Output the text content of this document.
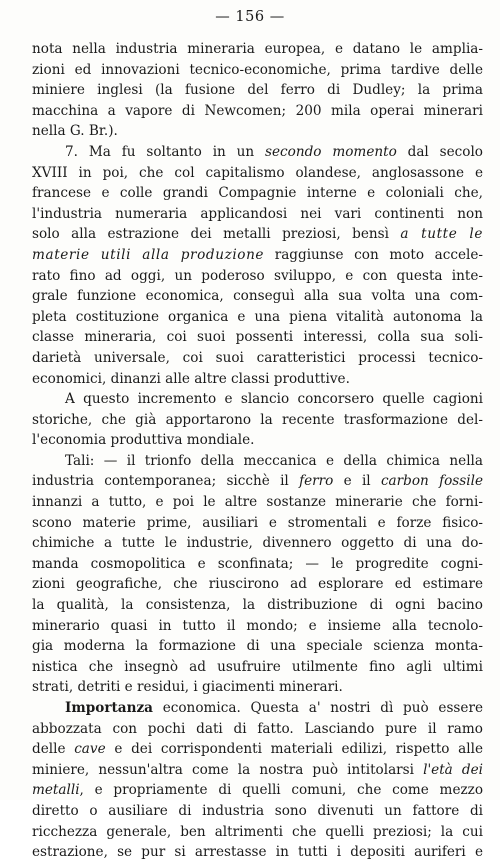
— 156 —
nota nella industria mineraria europea, e datano le amplia-
zioni ed innovazioni tecnico-economiche, prima tardive delle
miniere inglesi (la fusione del ferro di Dudley; la prima
macchina a vapore di Newcomen; 200 mila operai minerari
nella G. Br.).
7. Ma fu soltanto in un secondo momento dal secolo
XVIII in poi, che col capitalismo olandese, anglosassone e
francese e colle grandi Compagnie interne e coloniali che,
l'industria numeraria applicandosi nei vari continenti non
solo alla estrazione dei metalli preziosi, bensì a tutte le
materie utili alla produzione raggiunse con moto accele-
rato fino ad oggi, un poderoso sviluppo, e con questa inte-
grale funzione economica, conseguì alla sua volta una com-
pleta costituzione organica e una piena vitalità autonoma la
classe mineraria, coi suoi possenti interessi, colla sua soli-
darietà universale, coi suoi caratteristici processi tecnico-
economici, dinanzi alle altre classi produttive.
A questo incremento e slancio concorsero quelle cagioni
storiche, che già apportarono la recente trasformazione del-
l'economia produttiva mondiale.
Tali: — il trionfo della meccanica e della chimica nella
industria contemporanea; sicchè il ferro e il carbon fossile
innanzi a tutto, e poi le altre sostanze minerarie che forni-
scono materie prime, ausiliari e stromentali e forze fisico-
chimiche a tutte le industrie, divennero oggetto di una do-
manda cosmopolitica e sconfinata; — le progredite cogni-
zioni geografiche, che riuscirono ad esplorare ed estimare
la qualità, la consistenza, la distribuzione di ogni bacino
minerario quasi in tutto il mondo; e insieme alla tecnolo-
gia moderna la formazione di una speciale scienza monta-
nistica che insegnò ad usufruire utilmente fino agli ultimi
strati, detriti e residui, i giacimenti minerari.
Importanza economica. Questa a' nostri dì può essere
abbozzata con pochi dati di fatto. Lasciando pure il ramo
delle cave e dei corrispondenti materiali edilizi, rispetto alle
miniere, nessun'altra come la nostra può intitolarsi l'età dei
metalli, e propriamente di quelli comuni, che come mezzo
diretto o ausiliare di industria sono divenuti un fattore di
ricchezza generale, ben altrimenti che quelli preziosi; la cui
estrazione, se pur si arrestasse in tutti i depositi auriferi e
